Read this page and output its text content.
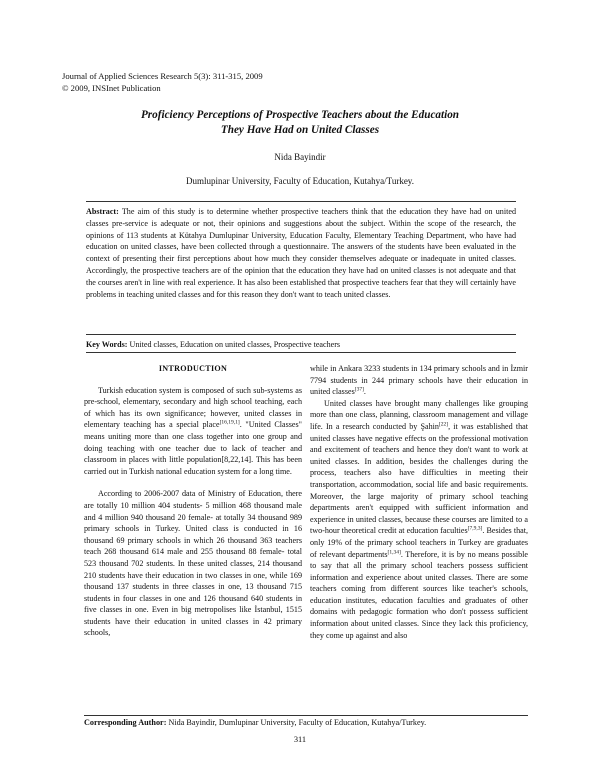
Journal of Applied Sciences Research 5(3): 311-315, 2009
© 2009, INSInet Publication
Proficiency Perceptions of Prospective Teachers about the Education
They Have Had on United Classes
Nida Bayindir
Dumlupinar University, Faculty of Education, Kutahya/Turkey.
Abstract: The aim of this study is to determine whether prospective teachers think that the education they have had on united classes pre-service is adequate or not, their opinions and suggestions about the subject. Within the scope of the research, the opinions of 113 students at Kütahya Dumlupinar University, Education Faculty, Elementary Teaching Department, who have had education on united classes, have been collected through a questionnaire. The answers of the students have been evaluated in the context of presenting their first perceptions about how much they consider themselves adequate or inadequate in united classes. Accordingly, the prospective teachers are of the opinion that the education they have had on united classes is not adequate and that the courses aren't in line with real experience. It has also been established that prospective teachers fear that they will certainly have problems in teaching united classes and for this reason they don't want to teach united classes.
Key Words: United classes, Education on united classes, Prospective teachers
INTRODUCTION

Turkish education system is composed of such sub-systems as pre-school, elementary, secondary and high school teaching, each of which has its own significance; however, united classes in elementary teaching has a special place[16,19,1]. "United Classes" means uniting more than one class together into one group and doing teaching with one teacher due to lack of teacher and classroom in places with little population[8,22,14]. This has been carried out in Turkish national education system for a long time.

According to 2006-2007 data of Ministry of Education, there are totally 10 million 404 students- 5 million 468 thousand male and 4 million 940 thousand 20 female- at totally 34 thousand 989 primary schools in Turkey. United class is conducted in 16 thousand 69 primary schools in which 26 thousand 363 teachers teach 268 thousand 614 male and 255 thousand 88 female- total 523 thousand 702 students. In these united classes, 214 thousand 210 students have their education in two classes in one, while 169 thousand 137 students in three classes in one, 13 thousand 715 students in four classes in one and 126 thousand 640 students in five classes in one. Even in big metropolises like İstanbul, 1515 students have their education in united classes in 42 primary schools,

while in Ankara 3233 students in 134 primary schools and in İzmir 7794 students in 244 primary schools have their education in united classes[37].

United classes have brought many challenges like grouping more than one class, planning, classroom management and village life. In a research conducted by Şahin[22], it was established that united classes have negative effects on the professional motivation and excitement of teachers and hence they don't want to work at united classes. In addition, besides the challenges during the process, teachers also have difficulties in meeting their transportation, accommodation, social life and basic requirements. Moreover, the large majority of primary school teaching departments aren't equipped with sufficient information and experience in united classes, because these courses are limited to a two-hour theoretical credit at education faculties[7,9,3]. Besides that, only 19% of the primary school teachers in Turkey are graduates of relevant departments[1,34]. Therefore, it is by no means possible to say that all the primary school teachers possess sufficient information and experience about united classes. There are some teachers coming from different sources like teacher's schools, education institutes, education faculties and graduates of other domains with pedagogic formation who don't possess sufficient information about united classes. Since they lack this proficiency, they come up against and also

Corresponding Author: Nida Bayindir, Dumlupinar University, Faculty of Education, Kutahya/Turkey.
311
